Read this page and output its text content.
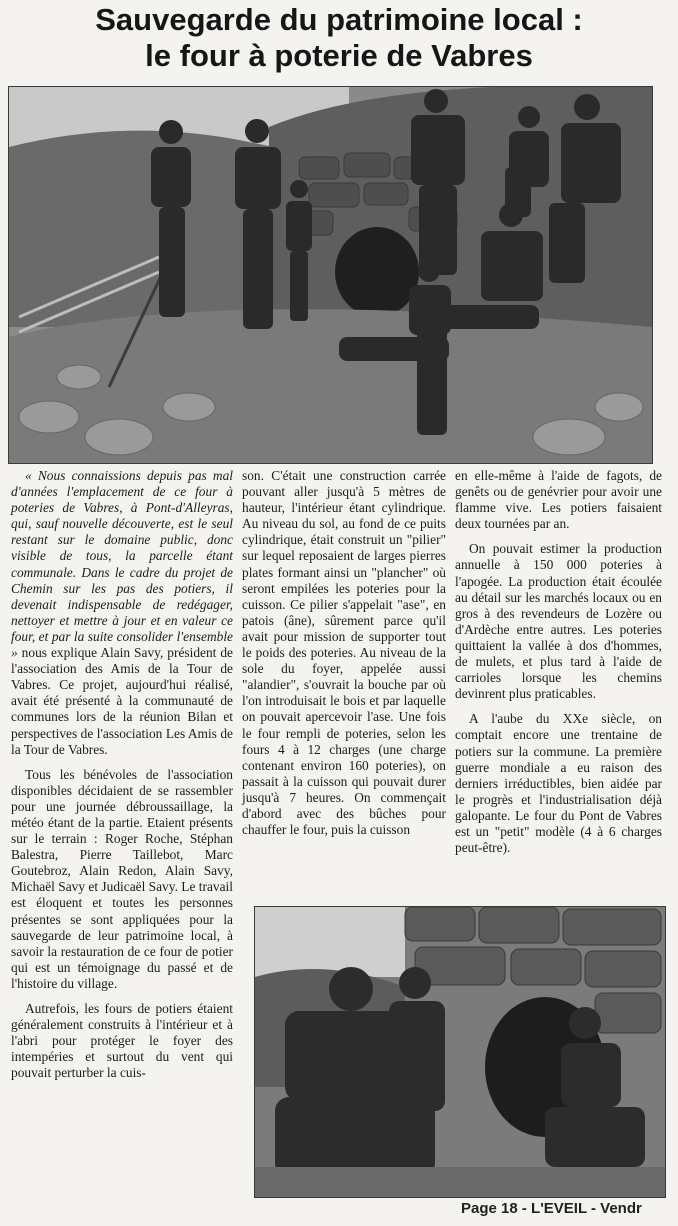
Sauvegarde du patrimoine local :
le four à poterie de Vabres

« Nous connaissions depuis pas mal d'années l'emplacement de ce four à poteries de Vabres, à Pont-d'Alleyras, qui, sauf nouvelle découverte, est le seul restant sur le domaine public, donc visible de tous, la parcelle étant communale. Dans le cadre du projet de Chemin sur les pas des potiers, il devenait indispensable de redégager, nettoyer et mettre à jour et en valeur ce four, et par la suite consolider l'ensemble » nous explique Alain Savy, président de l'association des Amis de la Tour de Vabres. Ce projet, aujourd'hui réalisé, avait été présenté à la communauté de communes lors de la réunion Bilan et perspectives de l'association Les Amis de la Tour de Vabres.

Tous les bénévoles de l'association disponibles décidaient de se rassembler pour une journée débroussaillage, la météo étant de la partie. Etaient présents sur le terrain : Roger Roche, Stéphan Balestra, Pierre Taillebot, Marc Goutebroz, Alain Redon, Alain Savy, Michaël Savy et Judicaël Savy. Le travail est éloquent et toutes les personnes présentes se sont appliquées pour la sauvegarde de leur patrimoine local, à savoir la restauration de ce four de potier qui est un témoignage du passé et de l'histoire du village.

Autrefois, les fours de potiers étaient généralement construits à l'intérieur et à l'abri pour protéger le foyer des intempéries et surtout du vent qui pouvait perturber la cuis-

son. C'était une construction carrée pouvant aller jusqu'à 5 mètres de hauteur, l'intérieur étant cylindrique. Au niveau du sol, au fond de ce puits cylindrique, était construit un "pilier" sur lequel reposaient de larges pierres plates formant ainsi un "plancher" où seront empilées les poteries pour la cuisson. Ce pilier s'appelait "ase", en patois (âne), sûrement parce qu'il avait pour mission de supporter tout le poids des poteries. Au niveau de la sole du foyer, appelée aussi "alandier", s'ouvrait la bouche par où l'on introduisait le bois et par laquelle on pouvait apercevoir l'ase. Une fois le four rempli de poteries, selon les fours 4 à 12 charges (une charge contenant environ 160 poteries), on passait à la cuisson qui pouvait durer jusqu'à 7 heures. On commençait d'abord avec des bûches pour chauffer le four, puis la cuisson

en elle-même à l'aide de fagots, de genêts ou de genévrier pour avoir une flamme vive. Les potiers faisaient deux tournées par an.

On pouvait estimer la production annuelle à 150 000 poteries à l'apogée. La production était écoulée au détail sur les marchés locaux ou en gros à des revendeurs de Lozère ou d'Ardèche entre autres. Les poteries quittaient la vallée à dos d'hommes, de mulets, et plus tard à l'aide de carrioles lorsque les chemins devinrent plus praticables.

A l'aube du XXe siècle, on comptait encore une trentaine de potiers sur la commune. La première guerre mondiale a eu raison des derniers irréductibles, bien aidée par le progrès et l'industrialisation déjà galopante. Le four du Pont de Vabres est un "petit" modèle (4 à 6 charges peut-être).

Page 18 - L'EVEIL - Vendr
